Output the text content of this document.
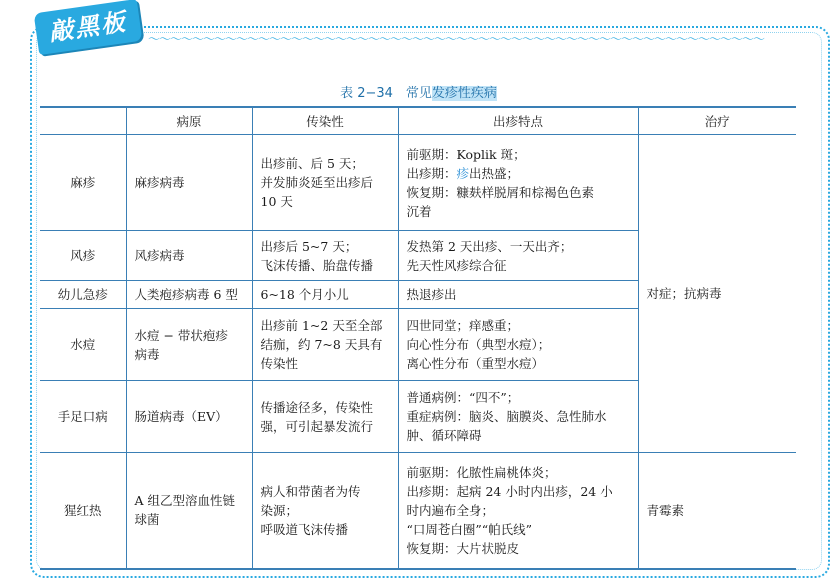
〜〜〜〜〜〜〜〜〜〜〜〜〜〜〜〜〜〜〜〜〜〜〜〜〜〜〜〜〜〜〜〜〜〜〜〜〜〜〜〜〜〜〜〜〜〜〜〜〜〜〜〜〜〜〜〜
敲黑板
表 2−34　常见发疹性疾病
	病原	传染性	出疹特点	治疗
麻疹	麻疹病毒	出疹前、后 5 天；
并发肺炎延至出疹后
10 天	前驱期：Koplik 斑；
出疹期：疹出热盛；
恢复期：糠麸样脱屑和棕褐色色素
沉着	对症；抗病毒
风疹	风疹病毒	出疹后 5~7 天；
飞沫传播、胎盘传播	发热第 2 天出疹、一天出齐；
先天性风疹综合征	

幼儿急疹	人类疱疹病毒 6 型	6~18 个月小儿	热退疹出	

水痘	水痘 − 带状疱疹
病毒	出疹前 1~2 天至全部
结痂，约 7~8 天具有
传染性	四世同堂；痒感重；
向心性分布（典型水痘）；
离心性分布（重型水痘）	

手足口病	肠道病毒（EV）	传播途径多，传染性
强，可引起暴发流行	普通病例：“四不”；
重症病例：脑炎、脑膜炎、急性肺水
肿、循环障碍	

猩红热	A 组乙型溶血性链
球菌	病人和带菌者为传
染源；
呼吸道飞沫传播	前驱期：化脓性扁桃体炎；
出疹期：起病 24 小时内出疹，24 小
时内遍布全身；
“口周苍白圈”“帕氏线”
恢复期：大片状脱皮	青霉素
